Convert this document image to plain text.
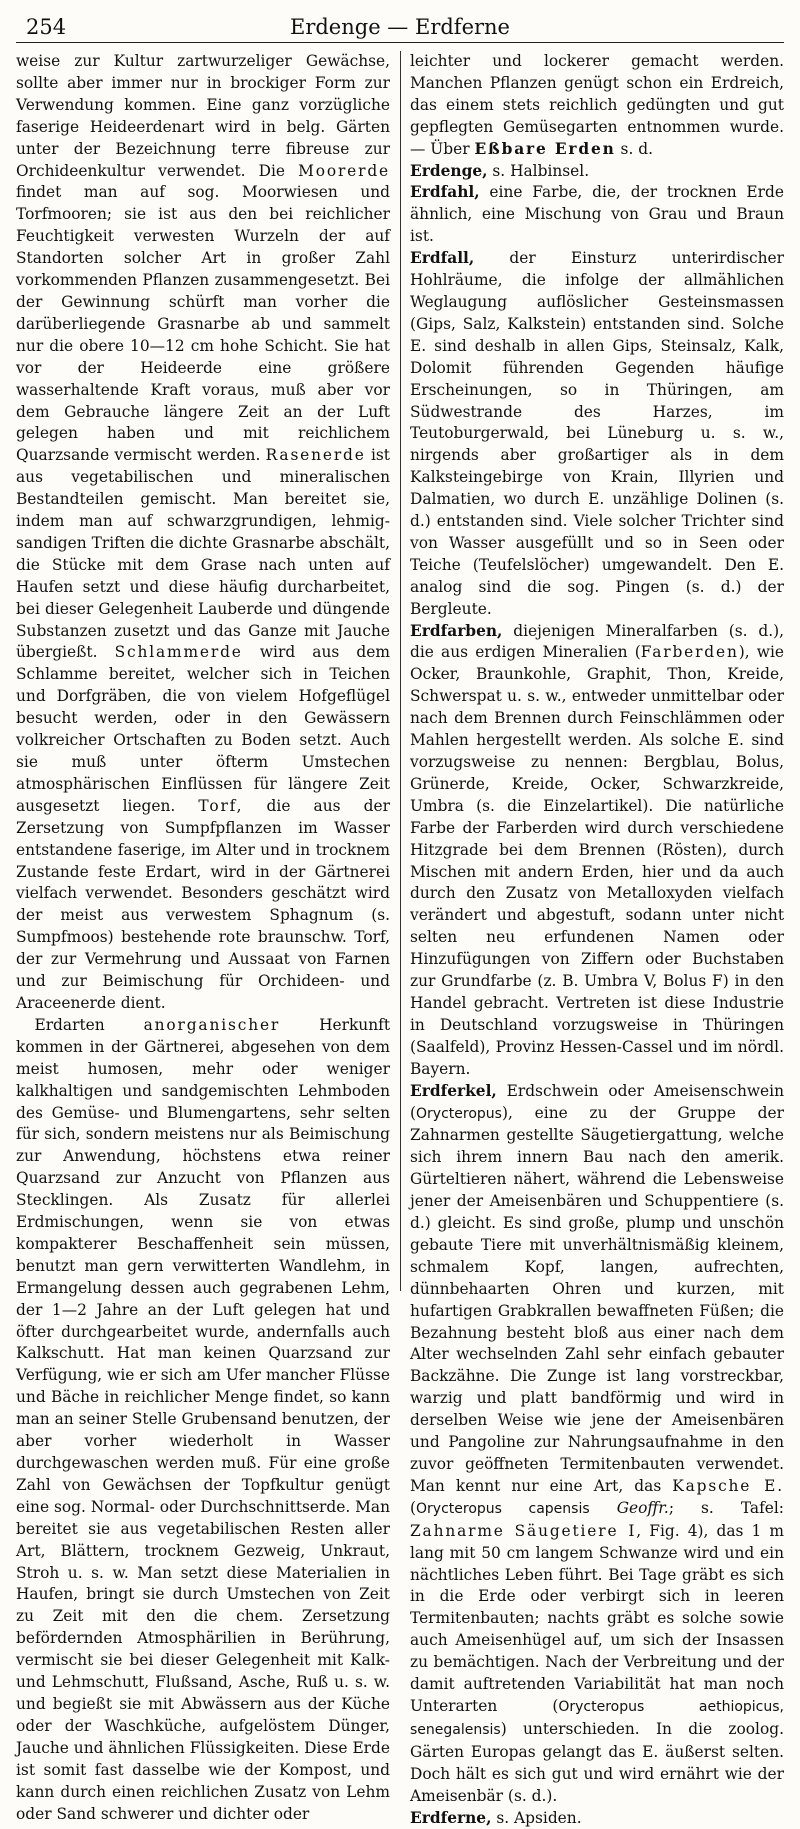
254	Erdenge — Erdferne

weise zur Kultur zartwurzeliger Gewächse, sollte aber immer nur in brockiger Form zur Verwendung kommen. Eine ganz vorzügliche faserige Heideerdenart wird in belg. Gärten unter der Bezeichnung terre fibreuse zur Orchideenkultur verwendet. Die Moorerde findet man auf sog. Moorwiesen und Torfmooren; sie ist aus den bei reichlicher Feuchtigkeit verwesten Wurzeln der auf Standorten solcher Art in großer Zahl vorkommenden Pflanzen zusammengesetzt. Bei der Gewinnung schürft man vorher die darüberliegende Grasnarbe ab und sammelt nur die obere 10—12 cm hohe Schicht. Sie hat vor der Heideerde eine größere wasserhaltende Kraft voraus, muß aber vor dem Gebrauche längere Zeit an der Luft gelegen haben und mit reichlichem Quarzsande vermischt werden. Rasenerde ist aus vegetabilischen und mineralischen Bestandteilen gemischt. Man bereitet sie, indem man auf schwarzgrundigen, lehmig-sandigen Triften die dichte Grasnarbe abschält, die Stücke mit dem Grase nach unten auf Haufen setzt und diese häufig durcharbeitet, bei dieser Gelegenheit Lauberde und düngende Substanzen zusetzt und das Ganze mit Jauche übergießt. Schlammerde wird aus dem Schlamme bereitet, welcher sich in Teichen und Dorfgräben, die von vielem Hofgeflügel besucht werden, oder in den Gewässern volkreicher Ortschaften zu Boden setzt. Auch sie muß unter öfterm Umstechen atmosphärischen Einflüssen für längere Zeit ausgesetzt liegen. Torf, die aus der Zersetzung von Sumpfpflanzen im Wasser entstandene faserige, im Alter und in trocknem Zustande feste Erdart, wird in der Gärtnerei vielfach verwendet. Besonders geschätzt wird der meist aus verwestem Sphagnum (s. Sumpfmoos) bestehende rote braunschw. Torf, der zur Vermehrung und Aussaat von Farnen und zur Beimischung für Orchideen- und Araceenerde dient.

Erdarten anorganischer Herkunft kommen in der Gärtnerei, abgesehen von dem meist humosen, mehr oder weniger kalkhaltigen und sandgemischten Lehmboden des Gemüse- und Blumengartens, sehr selten für sich, sondern meistens nur als Beimischung zur Anwendung, höchstens etwa reiner Quarzsand zur Anzucht von Pflanzen aus Stecklingen. Als Zusatz für allerlei Erdmischungen, wenn sie von etwas kompakterer Beschaffenheit sein müssen, benutzt man gern verwitterten Wandlehm, in Ermangelung dessen auch gegrabenen Lehm, der 1—2 Jahre an der Luft gelegen hat und öfter durchgearbeitet wurde, andernfalls auch Kalkschutt. Hat man keinen Quarzsand zur Verfügung, wie er sich am Ufer mancher Flüsse und Bäche in reichlicher Menge findet, so kann man an seiner Stelle Grubensand benutzen, der aber vorher wiederholt in Wasser durchgewaschen werden muß. Für eine große Zahl von Gewächsen der Topfkultur genügt eine sog. Normal- oder Durchschnittserde. Man bereitet sie aus vegetabilischen Resten aller Art, Blättern, trocknem Gezweig, Unkraut, Stroh u. s. w. Man setzt diese Materialien in Haufen, bringt sie durch Umstechen von Zeit zu Zeit mit den die chem. Zersetzung befördernden Atmosphärilien in Berührung, vermischt sie bei dieser Gelegenheit mit Kalk- und Lehmschutt, Flußsand, Asche, Ruß u. s. w. und begießt sie mit Abwässern aus der Küche oder der Waschküche, aufgelöstem Dünger, Jauche und ähnlichen Flüssigkeiten. Diese Erde ist somit fast dasselbe wie der Kompost, und kann durch einen reichlichen Zusatz von Lehm oder Sand schwerer und dichter oder

leichter und lockerer gemacht werden. Manchen Pflanzen genügt schon ein Erdreich, das einem stets reichlich gedüngten und gut gepflegten Gemüsegarten entnommen wurde. — Über Eßbare Erden s. d.

Erdenge, s. Halbinsel.

Erdfahl, eine Farbe, die, der trocknen Erde ähnlich, eine Mischung von Grau und Braun ist.

Erdfall, der Einsturz unterirdischer Hohlräume, die infolge der allmählichen Weglaugung auflöslicher Gesteinsmassen (Gips, Salz, Kalkstein) entstanden sind. Solche E. sind deshalb in allen Gips, Steinsalz, Kalk, Dolomit führenden Gegenden häufige Erscheinungen, so in Thüringen, am Südwestrande des Harzes, im Teutoburgerwald, bei Lüneburg u. s. w., nirgends aber großartiger als in dem Kalksteingebirge von Krain, Illyrien und Dalmatien, wo durch E. unzählige Dolinen (s. d.) entstanden sind. Viele solcher Trichter sind von Wasser ausgefüllt und so in Seen oder Teiche (Teufelslöcher) umgewandelt. Den E. analog sind die sog. Pingen (s. d.) der Bergleute.

Erdfarben, diejenigen Mineralfarben (s. d.), die aus erdigen Mineralien (Farberden), wie Ocker, Braunkohle, Graphit, Thon, Kreide, Schwerspat u. s. w., entweder unmittelbar oder nach dem Brennen durch Feinschlämmen oder Mahlen hergestellt werden. Als solche E. sind vorzugsweise zu nennen: Bergblau, Bolus, Grünerde, Kreide, Ocker, Schwarzkreide, Umbra (s. die Einzelartikel). Die natürliche Farbe der Farberden wird durch verschiedene Hitzgrade bei dem Brennen (Rösten), durch Mischen mit andern Erden, hier und da auch durch den Zusatz von Metalloxyden vielfach verändert und abgestuft, sodann unter nicht selten neu erfundenen Namen oder Hinzufügungen von Ziffern oder Buchstaben zur Grundfarbe (z. B. Umbra V, Bolus F) in den Handel gebracht. Vertreten ist diese Industrie in Deutschland vorzugsweise in Thüringen (Saalfeld), Provinz Hessen-Cassel und im nördl. Bayern.

Erdferkel, Erdschwein oder Ameisenschwein (Orycteropus), eine zu der Gruppe der Zahnarmen gestellte Säugetiergattung, welche sich ihrem innern Bau nach den amerik. Gürteltieren nähert, während die Lebensweise jener der Ameisenbären und Schuppentiere (s. d.) gleicht. Es sind große, plump und unschön gebaute Tiere mit unverhältnismäßig kleinem, schmalem Kopf, langen, aufrechten, dünnbehaarten Ohren und kurzen, mit hufartigen Grabkrallen bewaffneten Füßen; die Bezahnung besteht bloß aus einer nach dem Alter wechselnden Zahl sehr einfach gebauter Backzähne. Die Zunge ist lang vorstreckbar, warzig und platt bandförmig und wird in derselben Weise wie jene der Ameisenbären und Pangoline zur Nahrungsaufnahme in den zuvor geöffneten Termitenbauten verwendet. Man kennt nur eine Art, das Kapsche E. (Orycteropus capensis Geoffr.; s. Tafel: Zahnarme Säugetiere I, Fig. 4), das 1 m lang mit 50 cm langem Schwanze wird und ein nächtliches Leben führt. Bei Tage gräbt es sich in die Erde oder verbirgt sich in leeren Termitenbauten; nachts gräbt es solche sowie auch Ameisenhügel auf, um sich der Insassen zu bemächtigen. Nach der Verbreitung und der damit auftretenden Variabilität hat man noch Unterarten (Orycteropus aethiopicus, senegalensis) unterschieden. In die zoolog. Gärten Europas gelangt das E. äußerst selten. Doch hält es sich gut und wird ernährt wie der Ameisenbär (s. d.).

Erdferne, s. Apsiden.
